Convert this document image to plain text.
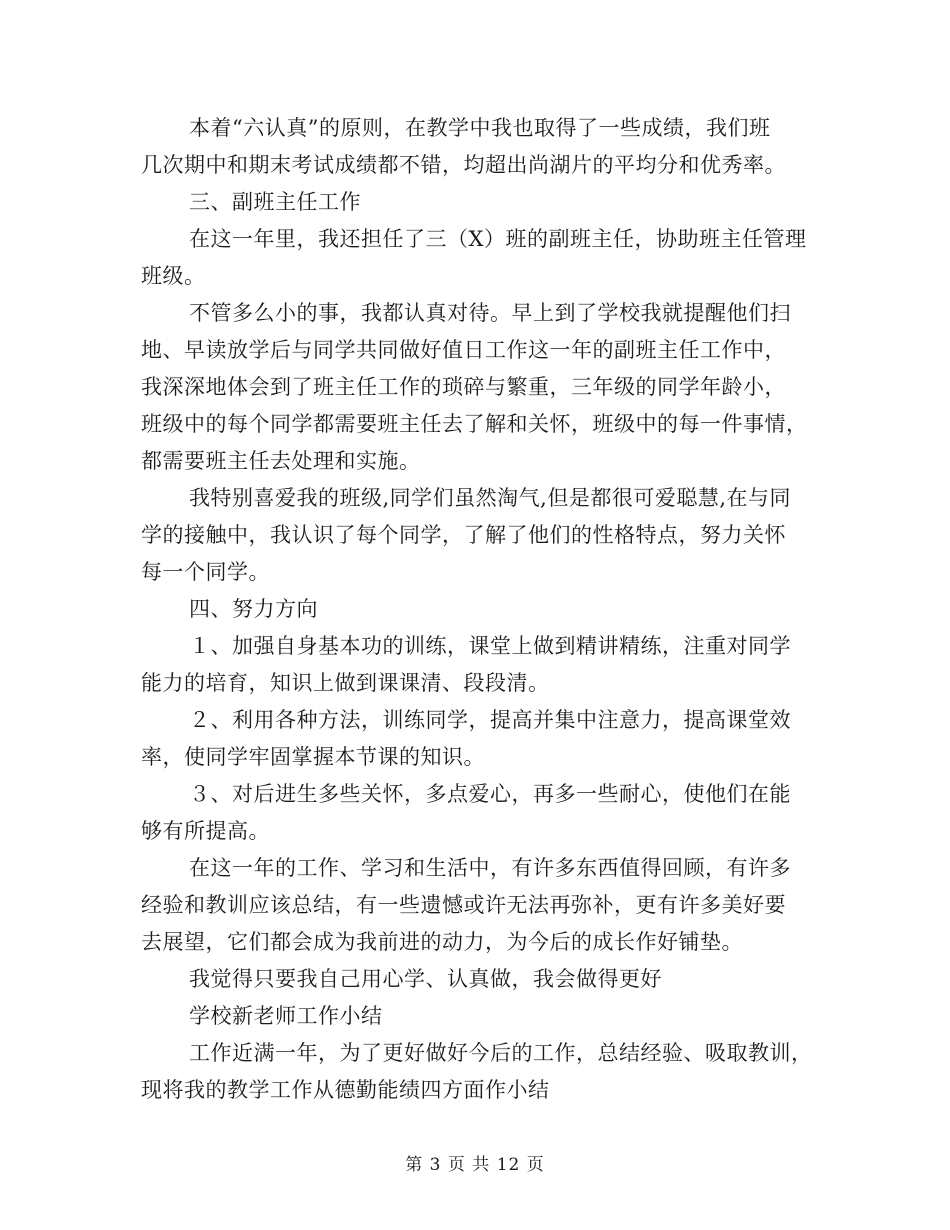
本着“六认真”的原则，在教学中我也取得了一些成绩，我们班
几次期中和期末考试成绩都不错，均超出尚湖片的平均分和优秀率。
三、副班主任工作
在这一年里，我还担任了三（X）班的副班主任，协助班主任管理
班级。
不管多么小的事，我都认真对待。早上到了学校我就提醒他们扫
地、早读放学后与同学共同做好值日工作这一年的副班主任工作中，
我深深地体会到了班主任工作的琐碎与繁重，三年级的同学年龄小，
班级中的每个同学都需要班主任去了解和关怀，班级中的每一件事情，
都需要班主任去处理和实施。
我特别喜爱我的班级,同学们虽然淘气,但是都很可爱聪慧,在与同
学的接触中，我认识了每个同学，了解了他们的性格特点，努力关怀
每一个同学。
四、努力方向
１、加强自身基本功的训练，课堂上做到精讲精练，注重对同学
能力的培育，知识上做到课课清、段段清。
２、利用各种方法，训练同学，提高并集中注意力，提高课堂效
率，使同学牢固掌握本节课的知识。
３、对后进生多些关怀，多点爱心，再多一些耐心，使他们在能
够有所提高。
在这一年的工作、学习和生活中，有许多东西值得回顾，有许多
经验和教训应该总结，有一些遗憾或许无法再弥补，更有许多美好要
去展望，它们都会成为我前进的动力，为今后的成长作好铺垫。
我觉得只要我自己用心学、认真做，我会做得更好
学校新老师工作小结
工作近满一年，为了更好做好今后的工作，总结经验、吸取教训，
现将我的教学工作从德勤能绩四方面作小结
第 3 页 共 12 页
